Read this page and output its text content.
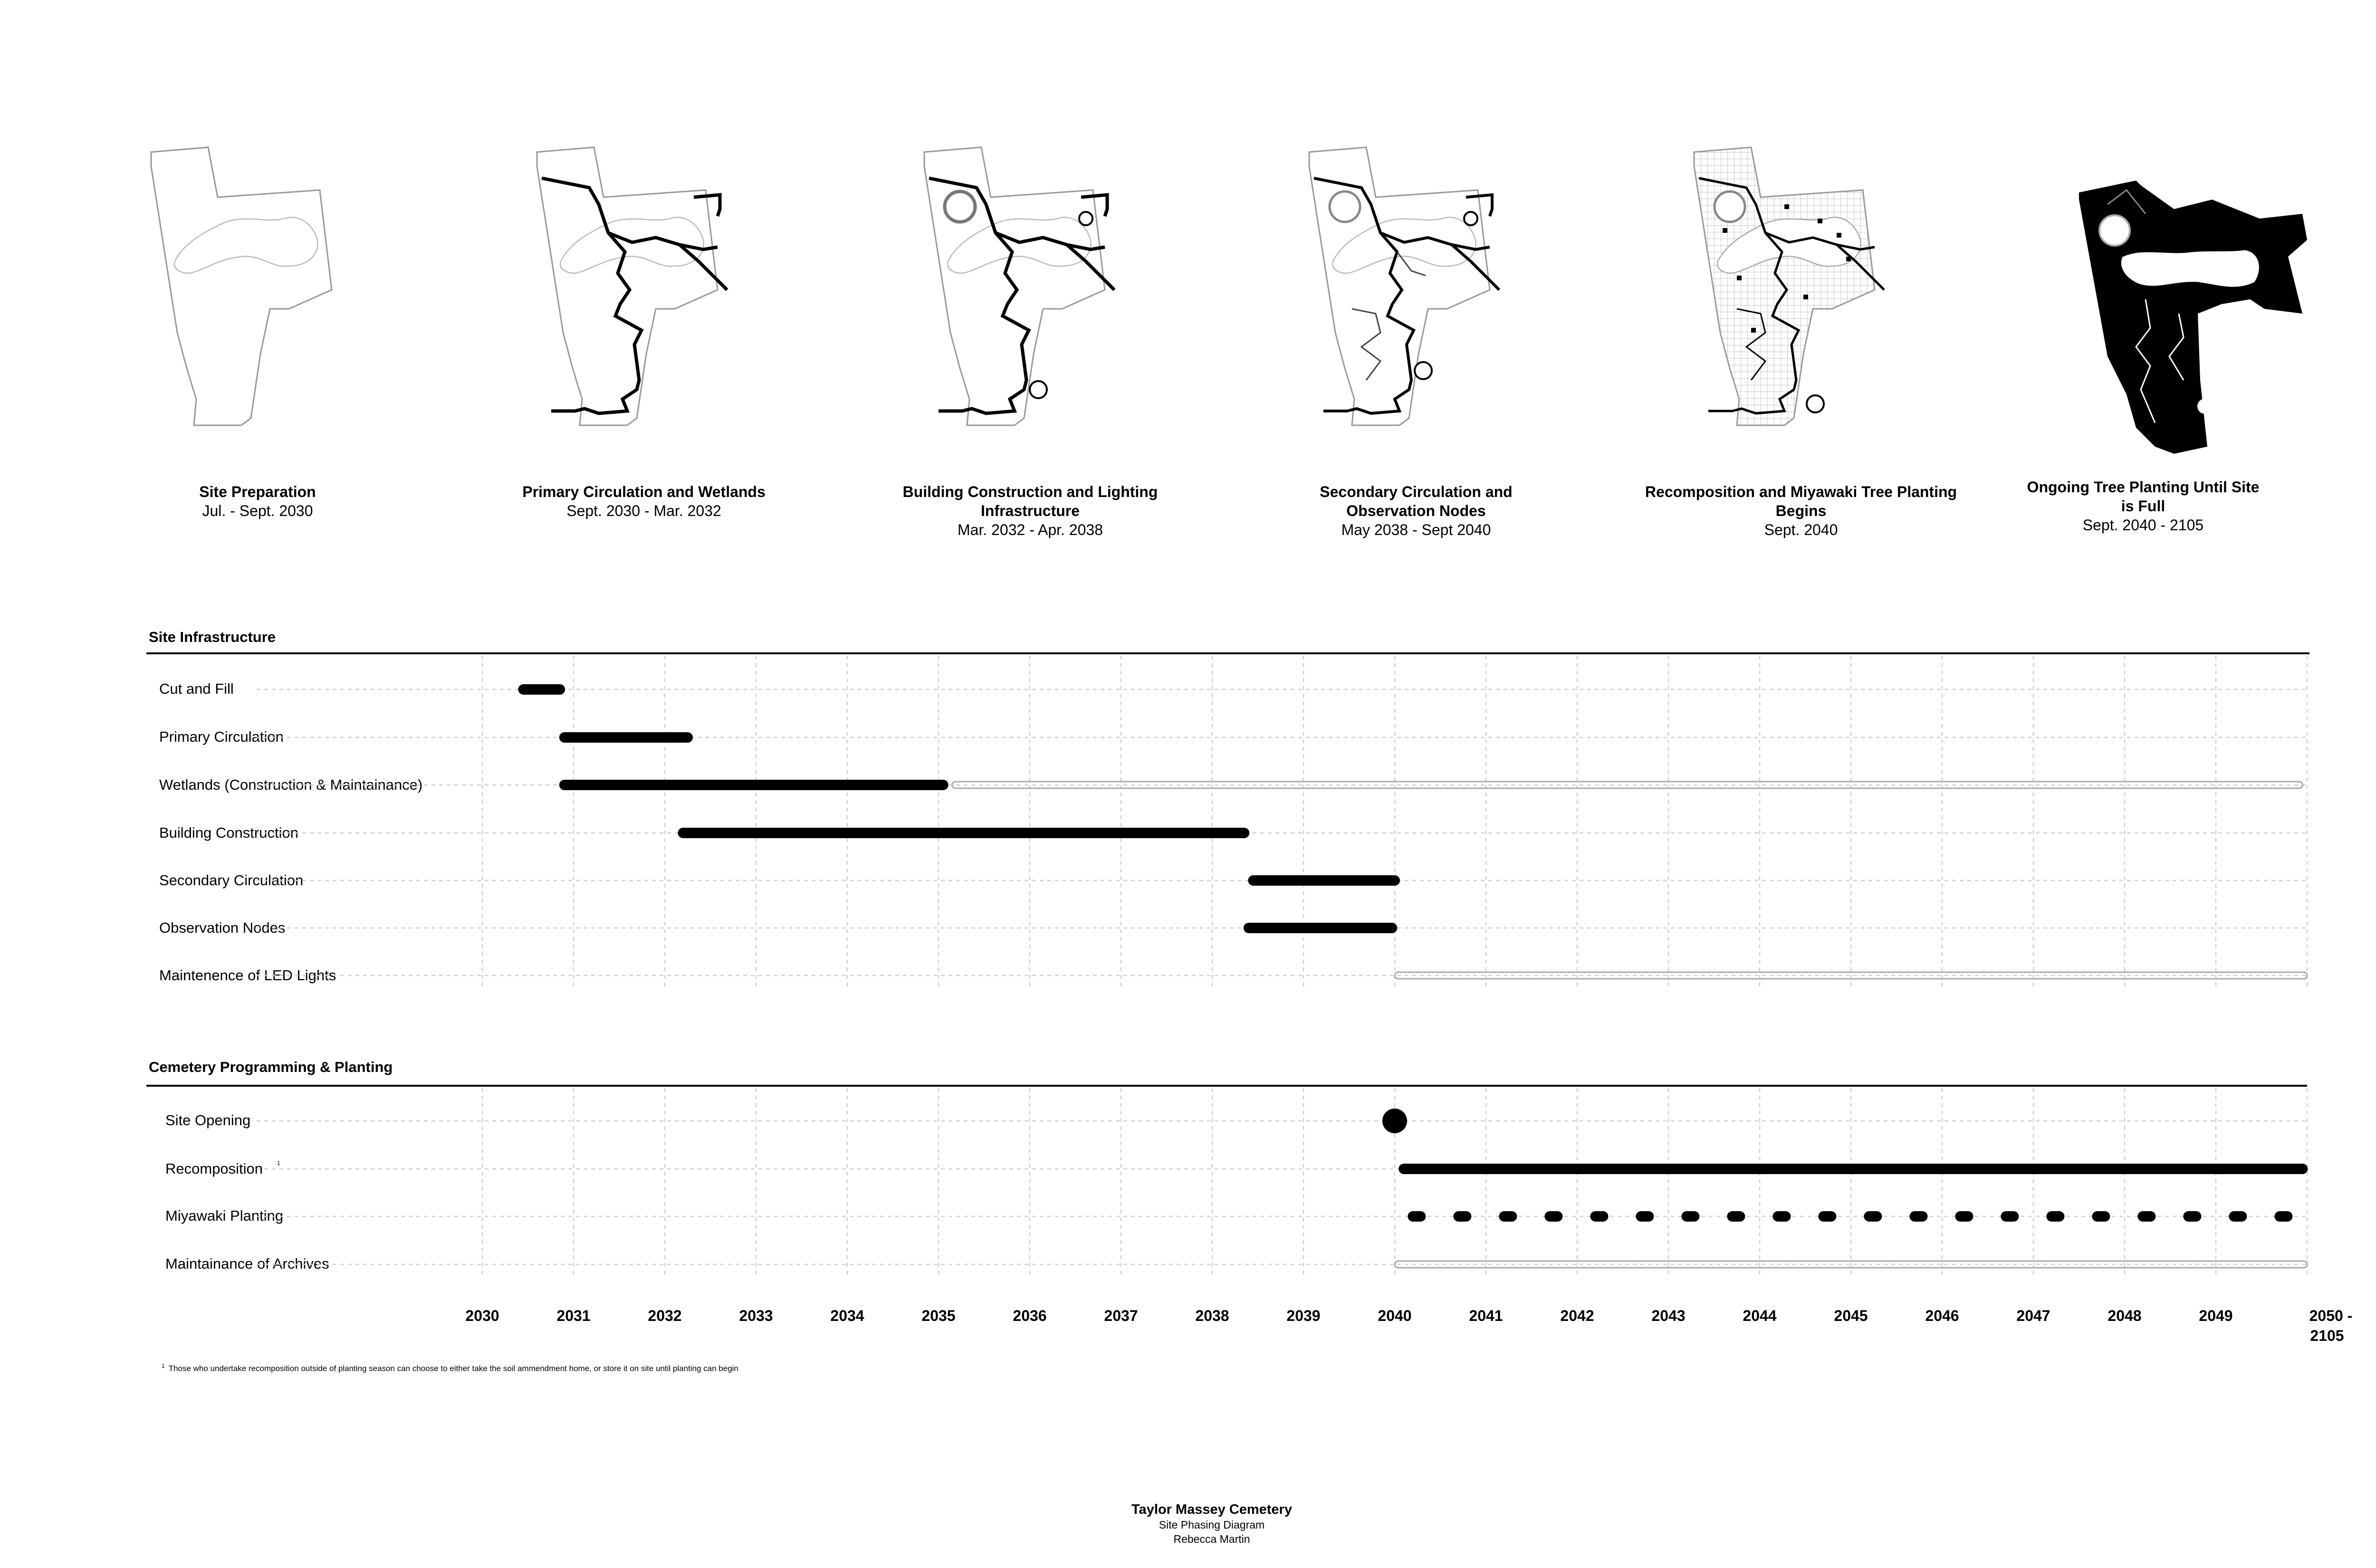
Site Preparation
Jul. - Sept. 2030
Primary Circulation and Wetlands
Sept. 2030 - Mar. 2032
Building Construction and Lighting Infrastructure
Mar. 2032 - Apr. 2038
Secondary Circulation and Observation Nodes
May 2038 - Sept 2040
Recomposition and Miyawaki Tree Planting Begins
Sept. 2040
Ongoing Tree Planting Until Site is Full
Sept. 2040 - 2105
Site Infrastructure
Cemetery Programming & Planting
Cut and Fill
Primary Circulation
Wetlands (Construction & Maintainance)
Building Construction
Secondary Circulation
Observation Nodes
Maintenence of LED Lights
Site Opening
Recomposition	$^1$
Miyawaki Planting
Maintainance of Archives
2030	2031	2032	2033	2034	2035	2036	2037	2038	2039	2040	2041	2042	2043	2044	2045	2046	2047	2048	2049	2050 -
2105
$^1$ Those who undertake recomposition outside of planting season can choose to either take the soil ammendment home, or store it on site until planting can begin
Taylor Massey Cemetery
Site Phasing Diagram
Rebecca Martin
